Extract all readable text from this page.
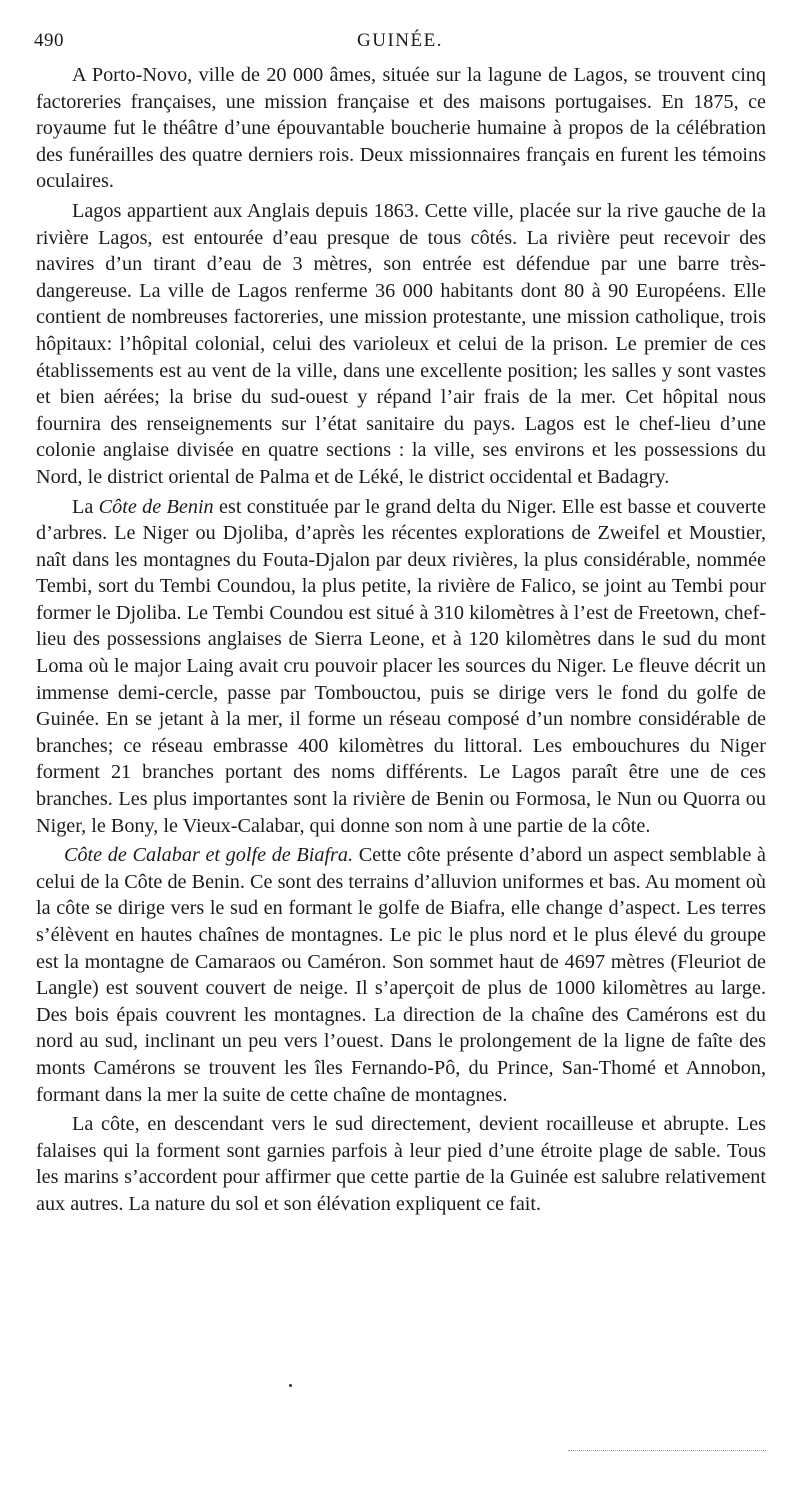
490	GUINÉE.

A Porto-Novo, ville de 20 000 âmes, située sur la lagune de Lagos, se trouvent cinq factoreries françaises, une mission française et des maisons portugaises. En 1875, ce royaume fut le théâtre d’une épouvantable boucherie humaine à propos de la célébration des funérailles des quatre derniers rois. Deux missionnaires français en furent les témoins oculaires.

Lagos appartient aux Anglais depuis 1863. Cette ville, placée sur la rive gauche de la rivière Lagos, est entourée d’eau presque de tous côtés. La rivière peut recevoir des navires d’un tirant d’eau de 3 mètres, son entrée est défendue par une barre très-dangereuse. La ville de Lagos renferme 36 000 habitants dont 80 à 90 Européens. Elle contient de nombreuses factoreries, une mission protestante, une mission catholique, trois hôpitaux: l’hôpital colonial, celui des varioleux et celui de la prison. Le premier de ces établissements est au vent de la ville, dans une excellente position; les salles y sont vastes et bien aérées; la brise du sud-ouest y répand l’air frais de la mer. Cet hôpital nous fournira des renseignements sur l’état sanitaire du pays. Lagos est le chef-lieu d’une colonie anglaise divisée en quatre sections : la ville, ses environs et les possessions du Nord, le district oriental de Palma et de Léké, le district occidental et Badagry.

La Côte de Benin est constituée par le grand delta du Niger. Elle est basse et couverte d’arbres. Le Niger ou Djoliba, d’après les récentes explorations de Zweifel et Moustier, naît dans les montagnes du Fouta-Djalon par deux rivières, la plus considérable, nommée Tembi, sort du Tembi Coundou, la plus petite, la rivière de Falico, se joint au Tembi pour former le Djoliba. Le Tembi Coundou est situé à 310 kilomètres à l’est de Freetown, chef-lieu des possessions anglaises de Sierra Leone, et à 120 kilomètres dans le sud du mont Loma où le major Laing avait cru pouvoir placer les sources du Niger. Le fleuve décrit un immense demi-cercle, passe par Tombouctou, puis se dirige vers le fond du golfe de Guinée. En se jetant à la mer, il forme un réseau composé d’un nombre considérable de branches; ce réseau embrasse 400 kilomètres du littoral. Les embouchures du Niger forment 21 branches portant des noms différents. Le Lagos paraît être une de ces branches. Les plus importantes sont la rivière de Benin ou Formosa, le Nun ou Quorra ou Niger, le Bony, le Vieux-Calabar, qui donne son nom à une partie de la côte.

Côte de Calabar et golfe de Biafra. Cette côte présente d’abord un aspect semblable à celui de la Côte de Benin. Ce sont des terrains d’alluvion uniformes et bas. Au moment où la côte se dirige vers le sud en formant le golfe de Biafra, elle change d’aspect. Les terres s’élèvent en hautes chaînes de montagnes. Le pic le plus nord et le plus élevé du groupe est la montagne de Camaraos ou Caméron. Son sommet haut de 4697 mètres (Fleuriot de Langle) est souvent couvert de neige. Il s’aperçoit de plus de 1000 kilomètres au large. Des bois épais couvrent les montagnes. La direction de la chaîne des Camérons est du nord au sud, inclinant un peu vers l’ouest. Dans le prolongement de la ligne de faîte des monts Camérons se trouvent les îles Fernando-Pô, du Prince, San-Thomé et Annobon, formant dans la mer la suite de cette chaîne de montagnes.

La côte, en descendant vers le sud directement, devient rocailleuse et abrupte. Les falaises qui la forment sont garnies parfois à leur pied d’une étroite plage de sable. Tous les marins s’accordent pour affirmer que cette partie de la Guinée est salubre relativement aux autres. La nature du sol et son élévation expliquent ce fait.
